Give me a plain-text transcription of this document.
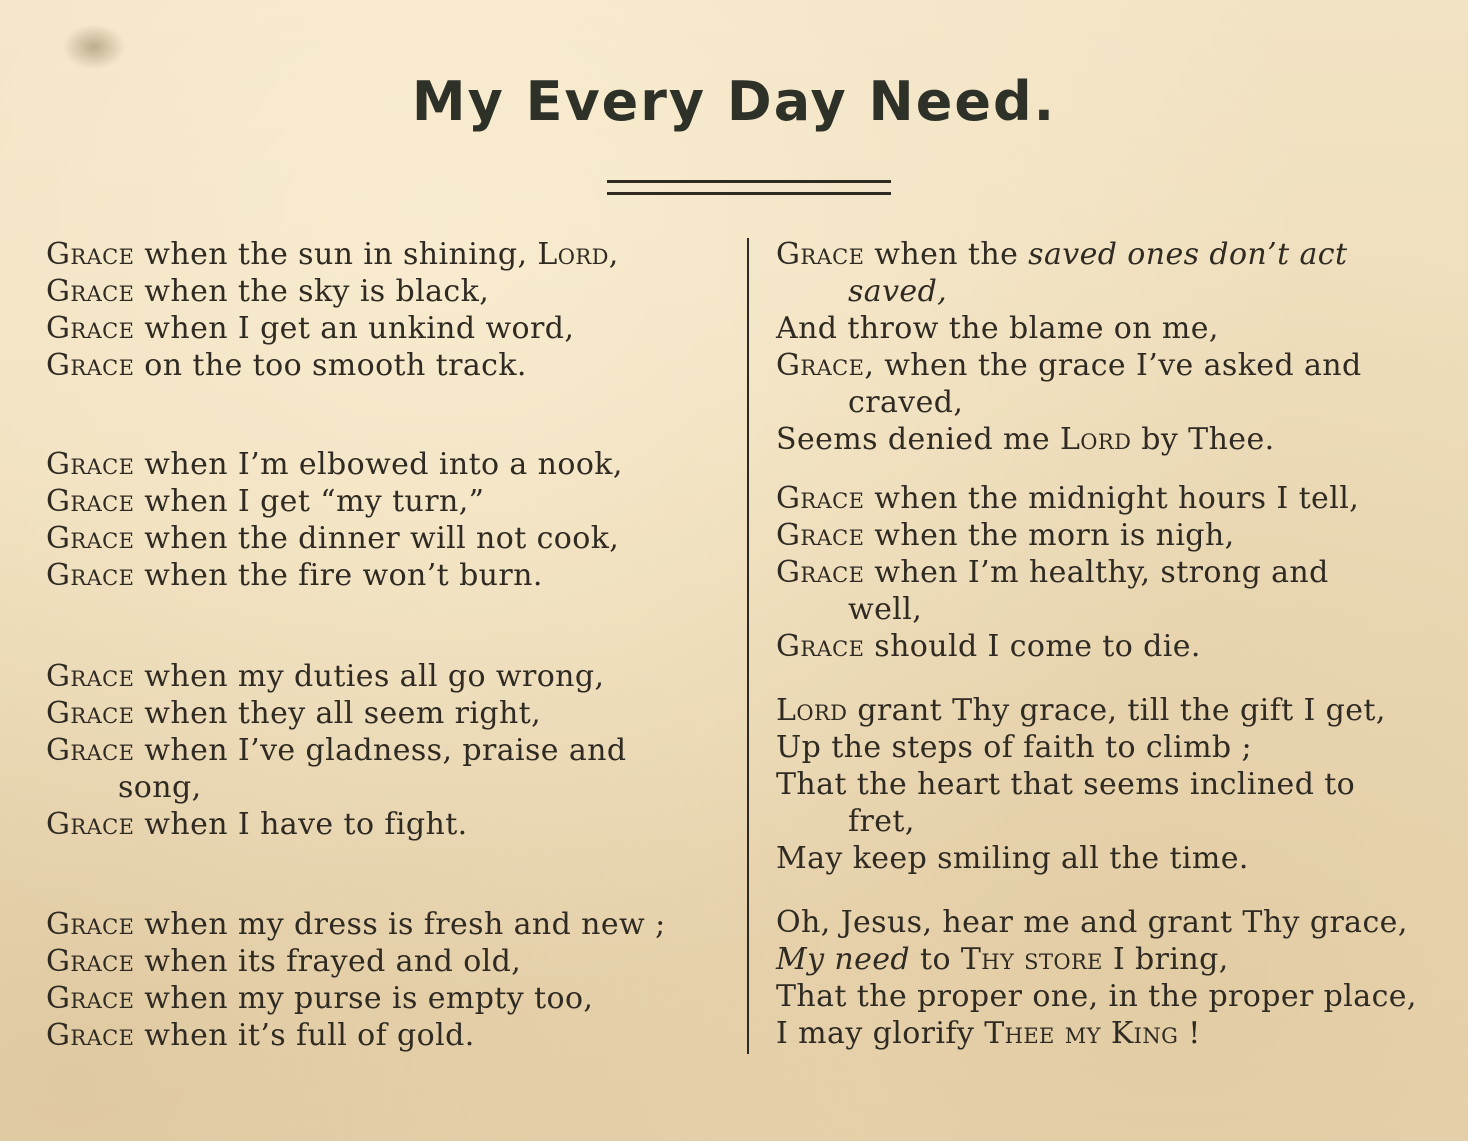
My Every Day Need.
Grace when the sun in shining, Lord,
Grace when the sky is black,
Grace when I get an unkind word,
Grace on the too smooth track.
Grace when I’m elbowed into a nook,
Grace when I get “my turn,”
Grace when the dinner will not cook,
Grace when the fire won’t burn.
Grace when my duties all go wrong,
Grace when they all seem right,
Grace when I’ve gladness, praise and
song,
Grace when I have to fight.
Grace when my dress is fresh and new ;
Grace when its frayed and old,
Grace when my purse is empty too,
Grace when it’s full of gold.
Grace when the saved ones don’t act
saved,
And throw the blame on me,
Grace, when the grace I’ve asked and
craved,
Seems denied me Lord by Thee.
Grace when the midnight hours I tell,
Grace when the morn is nigh,
Grace when I’m healthy, strong and
well,
Grace should I come to die.
Lord grant Thy grace, till the gift I get,
Up the steps of faith to climb ;
That the heart that seems inclined to
fret,
May keep smiling all the time.
Oh, Jesus, hear me and grant Thy grace,
My need to Thy store I bring,
That the proper one, in the proper place,
I may glorify Thee my King !
